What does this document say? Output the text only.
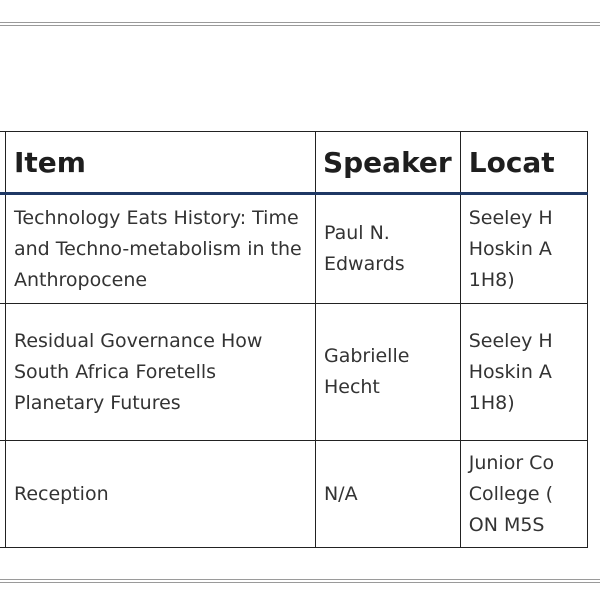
	Item	Speaker	Locat
	Technology Eats History: Time and Techno-metabolism in the Anthropocene	Paul N. Edwards	Seeley H
Hoskin A
1H8)

	Residual Governance How South Africa Foretells Planetary Futures	Gabrielle Hecht	Seeley H
Hoskin A
1H8)

	Reception	N/A	Junior Co
College (
ON M5S
